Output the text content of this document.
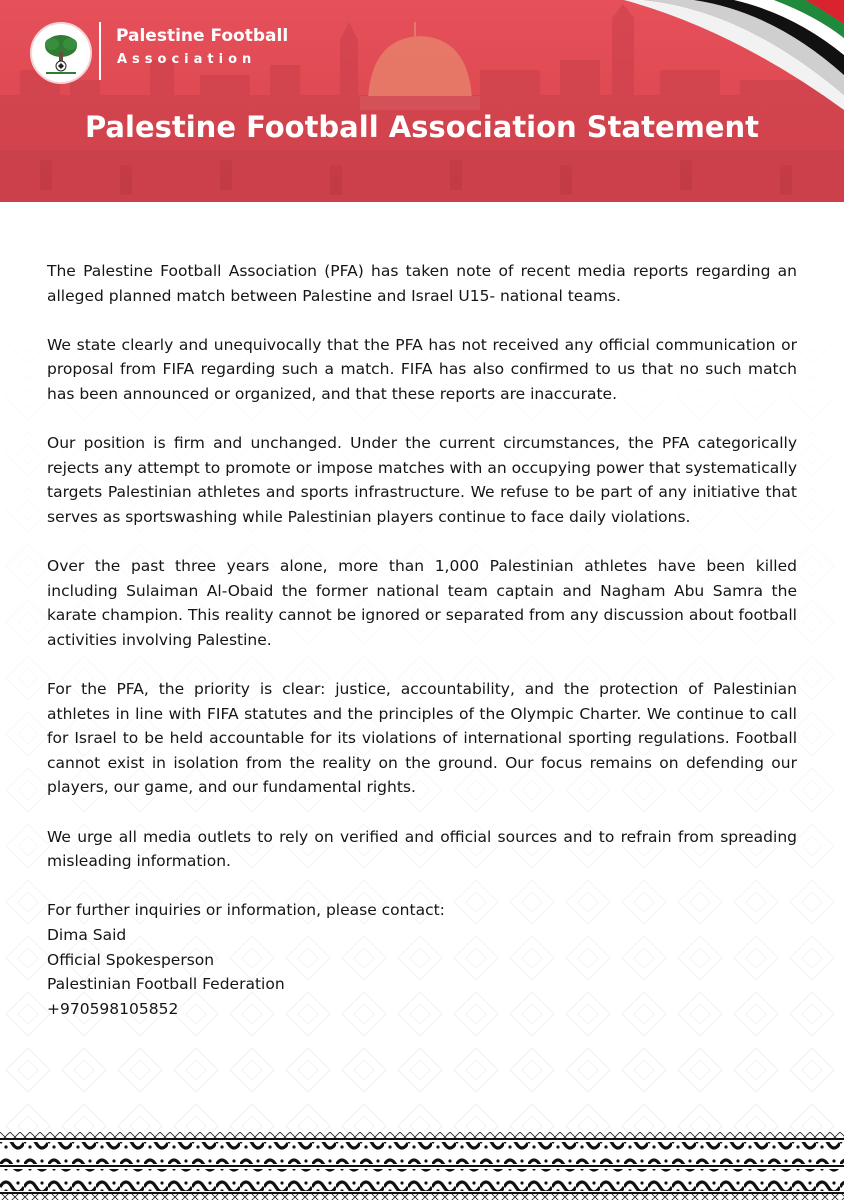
Palestine Football
Association
Palestine Football Association Statement

The Palestine Football Association (PFA) has taken note of recent media reports regarding an alleged planned match between Palestine and Israel U15- national teams.

We state clearly and unequivocally that the PFA has not received any official communication or proposal from FIFA regarding such a match. FIFA has also confirmed to us that no such match has been announced or organized, and that these reports are inaccurate.

Our position is firm and unchanged. Under the current circumstances, the PFA categorically rejects any attempt to promote or impose matches with an occupying power that systematically targets Palestinian athletes and sports infrastructure. We refuse to be part of any initiative that serves as sportswashing while Palestinian players continue to face daily violations.

Over the past three years alone, more than 1,000 Palestinian athletes have been killed including Sulaiman Al-Obaid the former national team captain and Nagham Abu Samra the karate champion. This reality cannot be ignored or separated from any discussion about football activities involving Palestine.

For the PFA, the priority is clear: justice, accountability, and the protection of Palestinian athletes in line with FIFA statutes and the principles of the Olympic Charter. We continue to call for Israel to be held accountable for its violations of international sporting regulations. Football cannot exist in isolation from the reality on the ground. Our focus remains on defending our players, our game, and our fundamental rights.

We urge all media outlets to rely on verified and official sources and to refrain from spreading misleading information.

For further inquiries or information, please contact:
Dima Said
Official Spokesperson
Palestinian Football Federation
+970598105852
